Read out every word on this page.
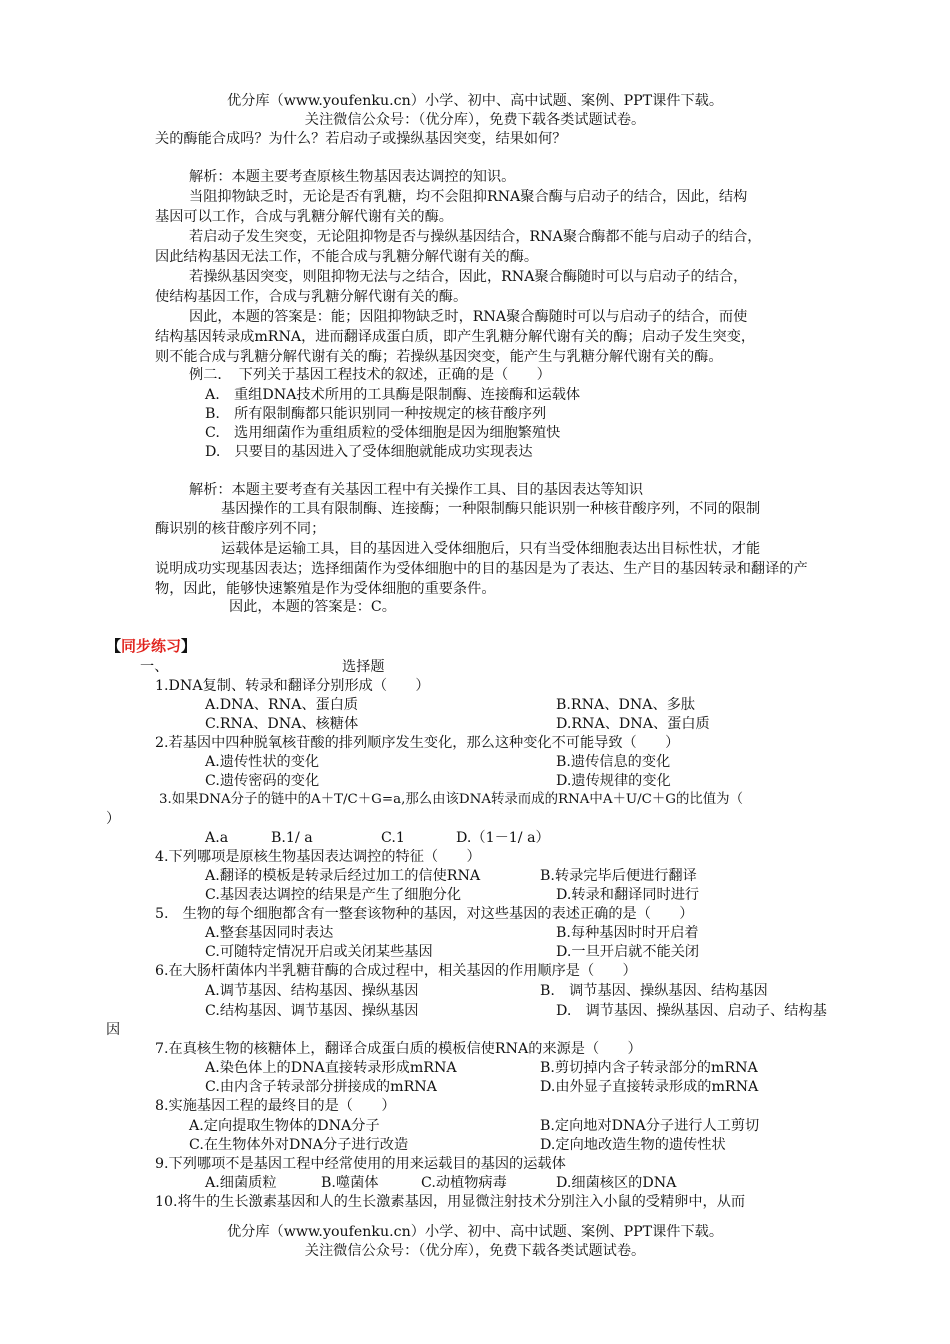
优分库（www.youfenku.cn）小学、初中、高中试题、案例、PPT课件下载。
关注微信公众号：（优分库），免费下载各类试题试卷。
关的酶能合成吗？为什么？若启动子或操纵基因突变，结果如何？
解析：本题主要考查原核生物基因表达调控的知识。
当阻抑物缺乏时，无论是否有乳糖，均不会阻抑RNA聚合酶与启动子的结合，因此，结构
基因可以工作，合成与乳糖分解代谢有关的酶。
若启动子发生突变，无论阻抑物是否与操纵基因结合，RNA聚合酶都不能与启动子的结合，
因此结构基因无法工作，不能合成与乳糖分解代谢有关的酶。
若操纵基因突变，则阻抑物无法与之结合，因此，RNA聚合酶随时可以与启动子的结合，
使结构基因工作，合成与乳糖分解代谢有关的酶。
因此，本题的答案是：能；因阻抑物缺乏时，RNA聚合酶随时可以与启动子的结合，而使
结构基因转录成mRNA，进而翻译成蛋白质，即产生乳糖分解代谢有关的酶；启动子发生突变，
则不能合成与乳糖分解代谢有关的酶；若操纵基因突变，能产生与乳糖分解代谢有关的酶。
例二．　下列关于基因工程技术的叙述，正确的是（　　）
A.　重组DNA技术所用的工具酶是限制酶、连接酶和运载体
B.　所有限制酶都只能识别同一种按规定的核苷酸序列
C.　选用细菌作为重组质粒的受体细胞是因为细胞繁殖快
D.　只要目的基因进入了受体细胞就能成功实现表达
解析：本题主要考查有关基因工程中有关操作工具、目的基因表达等知识
基因操作的工具有限制酶、连接酶；一种限制酶只能识别一种核苷酸序列，不同的限制
酶识别的核苷酸序列不同；
运载体是运输工具，目的基因进入受体细胞后，只有当受体细胞表达出目标性状，才能
说明成功实现基因表达；选择细菌作为受体细胞中的目的基因是为了表达、生产目的基因转录和翻译的产
物，因此，能够快速繁殖是作为受体细胞的重要条件。
因此，本题的答案是：C。
【同步练习】
一、	选择题
1.DNA复制、转录和翻译分别形成（　　）
A.DNA、RNA、蛋白质	B.RNA、DNA、多肽
C.RNA、DNA、核糖体	D.RNA、DNA、蛋白质
2.若基因中四种脱氧核苷酸的排列顺序发生变化，那么这种变化不可能导致（　　）
A.遗传性状的变化	B.遗传信息的变化
C.遗传密码的变化	D.遗传规律的变化
3.如果DNA分子的链中的A＋T/C＋G=a,那么由该DNA转录而成的RNA中A＋U/C＋G的比值为（
）
A.a	B.1/ a	C.1	D.（1－1/ a）
4.下列哪项是原核生物基因表达调控的特征（　　）
A.翻译的模板是转录后经过加工的信使RNA	B.转录完毕后便进行翻译
C.基因表达调控的结果是产生了细胞分化	D.转录和翻译同时进行
5.　生物的每个细胞都含有一整套该物种的基因，对这些基因的表述正确的是（　　）
A.整套基因同时表达	B.每种基因时时开启着
C.可随特定情况开启或关闭某些基因	D.一旦开启就不能关闭
6.在大肠杆菌体内半乳糖苷酶的合成过程中，相关基因的作用顺序是（　　）
A.调节基因、结构基因、操纵基因	B.　调节基因、操纵基因、结构基因
C.结构基因、调节基因、操纵基因	D.　调节基因、操纵基因、启动子、结构基
因
7.在真核生物的核糖体上，翻译合成蛋白质的模板信使RNA的来源是（　　）
A.染色体上的DNA直接转录形成mRNA	B.剪切掉内含子转录部分的mRNA
C.由内含子转录部分拼接成的mRNA	D.由外显子直接转录形成的mRNA
8.实施基因工程的最终目的是（　　）
A.定向提取生物体的DNA分子	B.定向地对DNA分子进行人工剪切
C.在生物体外对DNA分子进行改造	D.定向地改造生物的遗传性状
9.下列哪项不是基因工程中经常使用的用来运载目的基因的运载体
A.细菌质粒	B.噬菌体	C.动植物病毒	D.细菌核区的DNA
10.将牛的生长激素基因和人的生长激素基因，用显微注射技术分别注入小鼠的受精卵中，从而
优分库（www.youfenku.cn）小学、初中、高中试题、案例、PPT课件下载。
关注微信公众号：（优分库），免费下载各类试题试卷。
